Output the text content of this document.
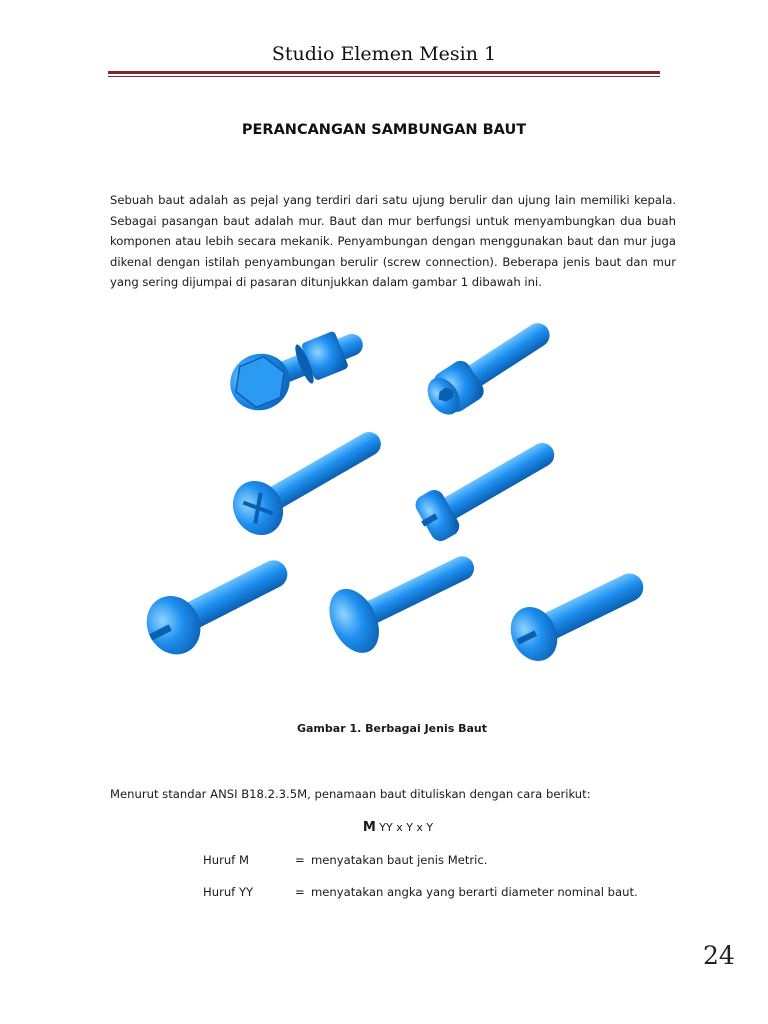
Studio Elemen Mesin 1
PERANCANGAN SAMBUNGAN BAUT

Sebuah baut adalah as pejal yang terdiri dari satu ujung berulir dan ujung lain memiliki kepala. Sebagai pasangan baut adalah mur. Baut dan mur berfungsi untuk menyambungkan dua buah komponen atau lebih secara mekanik. Penyambungan dengan menggunakan baut dan mur juga dikenal dengan istilah penyambungan berulir (screw connection). Beberapa jenis baut dan mur yang sering dijumpai di pasaran ditunjukkan dalam gambar 1 dibawah ini.

Gambar 1. Berbagai Jenis Baut

Menurut standar ANSI B18.2.3.5M, penamaan baut dituliskan dengan cara berikut:

M YY x Y x Y
Huruf M	= menyatakan baut jenis Metric.
Huruf YY	= menyatakan angka yang berarti diameter nominal baut.
24
